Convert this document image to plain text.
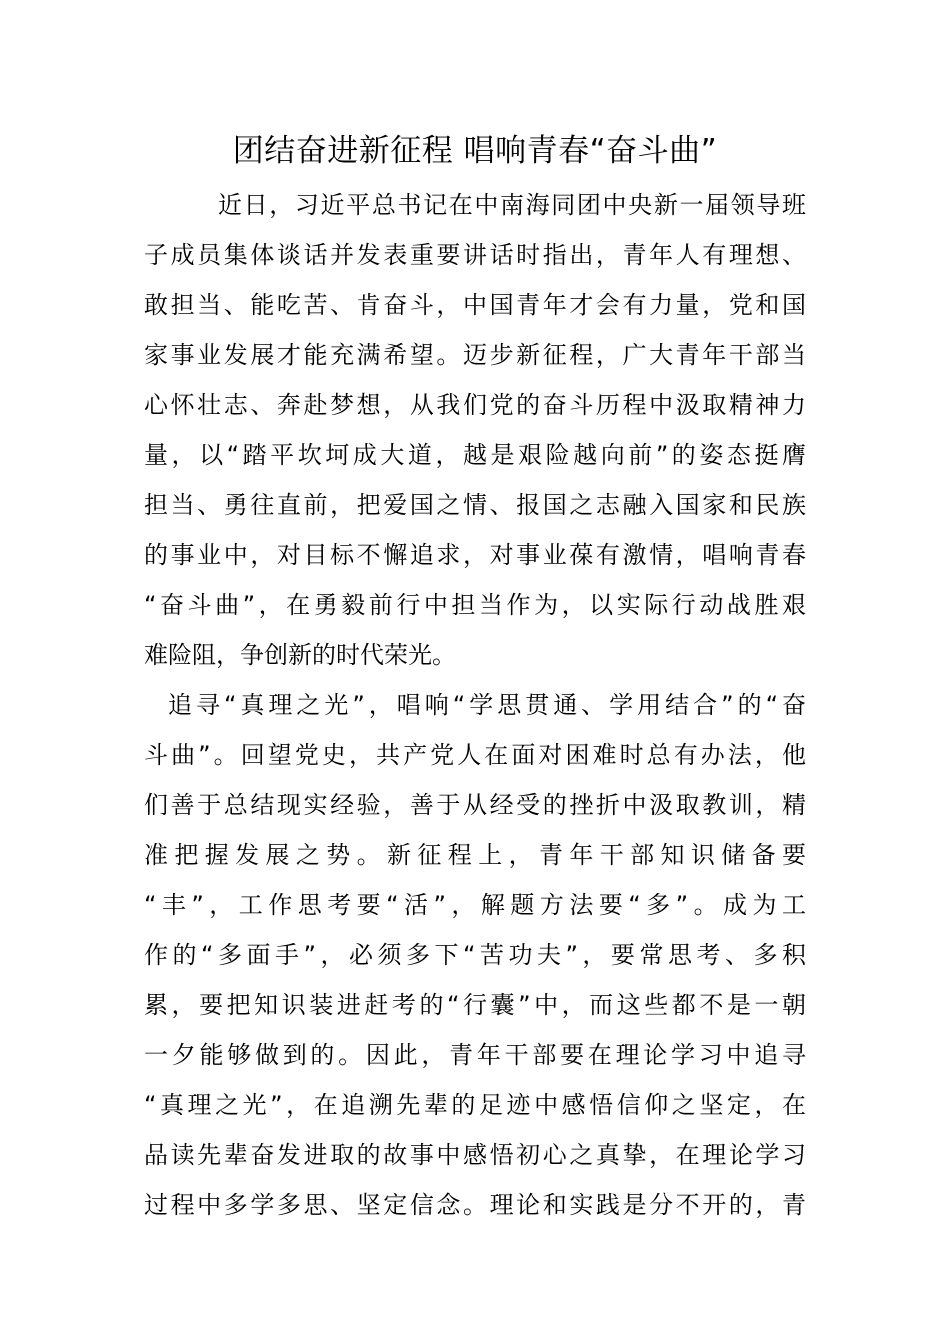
团结奋进新征程 唱响青春“奋斗曲”
近日，习近平总书记在中南海同团中央新一届领导班
子成员集体谈话并发表重要讲话时指出，青年人有理想、
敢担当、能吃苦、肯奋斗，中国青年才会有力量，党和国
家事业发展才能充满希望。迈步新征程，广大青年干部当
心怀壮志、奔赴梦想，从我们党的奋斗历程中汲取精神力
量，以“踏平坎坷成大道，越是艰险越向前”的姿态挺膺
担当、勇往直前，把爱国之情、报国之志融入国家和民族
的事业中，对目标不懈追求，对事业葆有激情，唱响青春
“奋斗曲”，在勇毅前行中担当作为，以实际行动战胜艰
难险阻，争创新的时代荣光。
追寻“真理之光”，唱响“学思贯通、学用结合”的“奋
斗曲”。回望党史，共产党人在面对困难时总有办法，他
们善于总结现实经验，善于从经受的挫折中汲取教训，精
准把握发展之势。新征程上，青年干部知识储备要
“丰”，工作思考要“活”，解题方法要“多”。成为工
作的“多面手”，必须多下“苦功夫”，要常思考、多积
累，要把知识装进赶考的“行囊”中，而这些都不是一朝
一夕能够做到的。因此，青年干部要在理论学习中追寻
“真理之光”，在追溯先辈的足迹中感悟信仰之坚定，在
品读先辈奋发进取的故事中感悟初心之真挚，在理论学习
过程中多学多思、坚定信念。理论和实践是分不开的，青
